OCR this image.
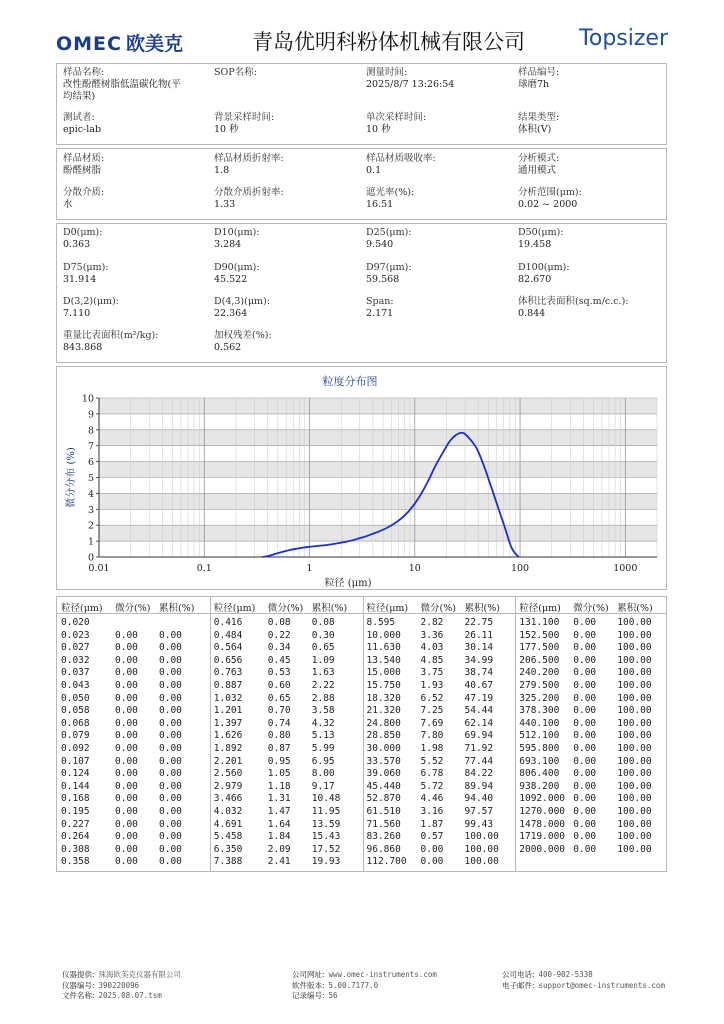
OMEC 欧美克	青岛优明科粉体机械有限公司 Topsizer
样品名称:
改性酚醛树脂低温碳化物(平
均结果)
SOP名称:	测量时间:
2025/8/7 13:26:54
样品编号:
球磨7h
测试者:
epic-lab
背景采样时间:
10 秒
单次采样时间:
10 秒
结果类型:
体积(V)
样品材质:
酚醛树脂
样品材质折射率:
1.8
样品材质吸收率:
0.1
分析模式:
通用模式
分散介质:
水
分散介质折射率:
1.33
遮光率(%):
16.51
分析范围(μm):
0.02 ~ 2000
D0(μm):
0.363
D10(μm):
3.284
D25(μm):
9.540
D50(μm):
19.458
D75(μm):
31.914
D90(μm):
45.522
D97(μm):
59.568
D100(μm):
82.670
D(3,2)(μm):
7.110
D(4,3)(μm):
22.364
Span:
2.171
体积比表面积(sq.m/c.c.):
0.844
重量比表面积(m²/kg):
843.868
加权残差(%):
0.562
粒度分布图
0
1
2
3
4
5
6
7
8
9
10
0.01	0.1	1	10	100	1000
粒径 (μm)
微分分布 (%)
粒径(μm) 微分(%) 累积(%)
0.020
0.023	0.00 0.00
0.027	0.00 0.00
0.032	0.00 0.00
0.037	0.00 0.00
0.043	0.00 0.00
0.050	0.00 0.00
0.058	0.00 0.00
0.068	0.00 0.00
0.079	0.00 0.00
0.092	0.00 0.00
0.107	0.00 0.00
0.124	0.00 0.00
0.144	0.00 0.00
0.168	0.00 0.00
0.195	0.00 0.00
0.227	0.00 0.00
0.264	0.00 0.00
0.308	0.00 0.00
0.358	0.00 0.00
粒径(μm) 微分(%) 累积(%)
0.416	0.08 0.08
0.484	0.22 0.30
0.564	0.34 0.65
0.656	0.45 1.09
0.763	0.53 1.63
0.887	0.60 2.22
1.032	0.65 2.88
1.201	0.70 3.58
1.397	0.74 4.32
1.626	0.80 5.13
1.892	0.87 5.99
2.201	0.95 6.95
2.560	1.05 8.00
2.979	1.18 9.17
3.466	1.31 10.48
4.032	1.47 11.95
4.691	1.64 13.59
5.458	1.84 15.43
6.350	2.09 17.52
7.388	2.41 19.93
粒径(μm) 微分(%) 累积(%)
8.595	2.82 22.75
10.000 3.36 26.11
11.630 4.03 30.14
13.540 4.85 34.99
15.000 3.75 38.74
15.750 1.93 40.67
18.320 6.52 47.19
21.320 7.25 54.44
24.800 7.69 62.14
28.850 7.80 69.94
30.000 1.98 71.92
33.570 5.52 77.44
39.060 6.78 84.22
45.440 5.72 89.94
52.870 4.46 94.40
61.510 3.16 97.57
71.560 1.87 99.43
83.260 0.57 100.00
96.860 0.00 100.00
112.700 0.00 100.00
粒径(μm) 微分(%) 累积(%)
131.100 0.00 100.00
152.500 0.00 100.00
177.500 0.00 100.00
206.500 0.00 100.00
240.200 0.00 100.00
279.500 0.00 100.00
325.200 0.00 100.00
378.300 0.00 100.00
440.100 0.00 100.00
512.100 0.00 100.00
595.800 0.00 100.00
693.100 0.00 100.00
806.400 0.00 100.00
938.200 0.00 100.00
1092.000 0.00 100.00
1270.000 0.00 100.00
1478.000 0.00 100.00
1719.000 0.00 100.00
2000.000 0.00 100.00
仪器提供: 珠海欧美克仪器有限公司
仪器编号: 390220096
文件名称: 2025.08.07.tsm
公司网址: www.omec-instruments.com
软件版本: 5.00.7177.0
记录编号: 56
公司电话: 400-902-5338
电子邮件: support@omec-instruments.com
